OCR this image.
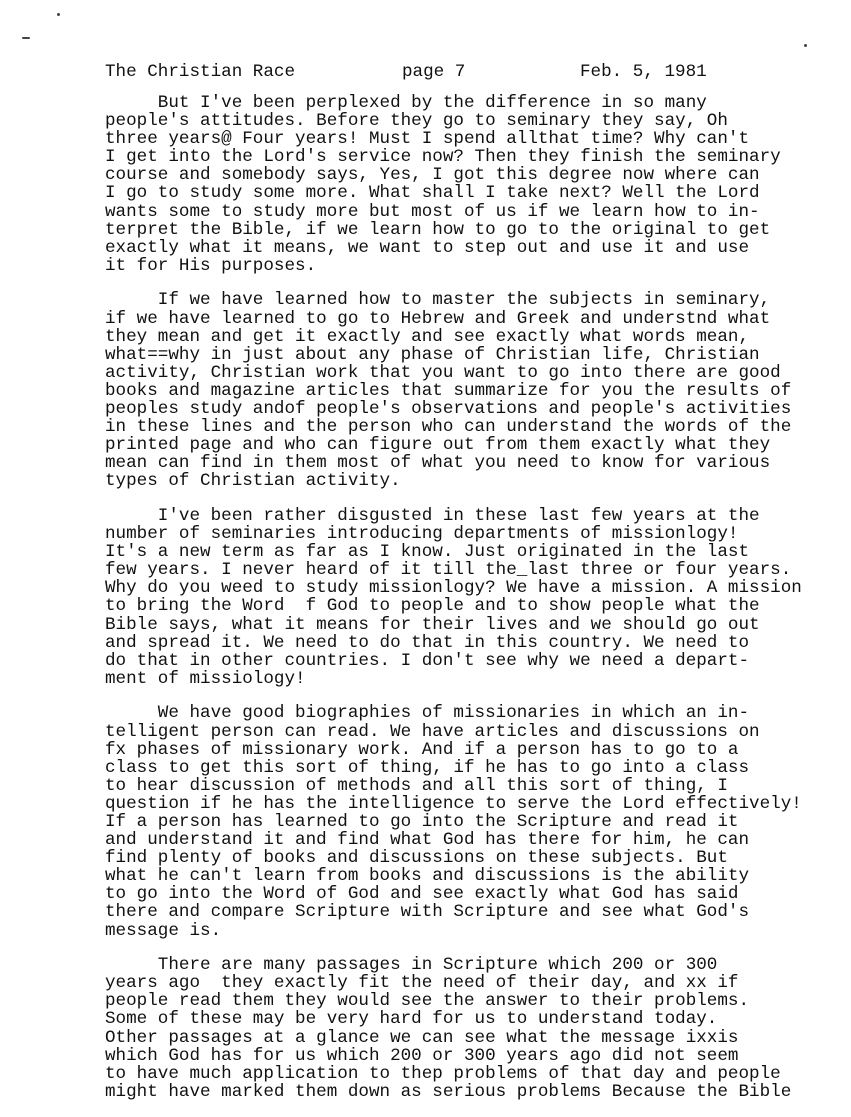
The Christian Race

	page 7

	Feb. 5, 1981

But I've been perplexed by the difference in so many
people's attitudes. Before they go to seminary they say, Oh
three years@ Four years! Must I spend allthat time? Why can't
I get into the Lord's service now? Then they finish the seminary
course and somebody says, Yes, I got this degree now where can
I go to study some more. What shall I take next? Well the Lord
wants some to study more but most of us if we learn how to in-
terpret the Bible, if we learn how to go to the original to get
exactly what it means, we want to step out and use it and use
it for His purposes.
If we have learned how to master the subjects in seminary,
if we have learned to go to Hebrew and Greek and understnd what
they mean and get it exactly and see exactly what words mean,
what==why in just about any phase of Christian life, Christian
activity, Christian work that you want to go into there are good
books and magazine articles that summarize for you the results of
peoples study andof people's observations and people's activities
in these lines and the person who can understand the words of the
printed page and who can figure out from them exactly what they
mean can find in them most of what you need to know for various
types of Christian activity.
I've been rather disgusted in these last few years at the
number of seminaries introducing departments of missionlogy!
It's a new term as far as I know. Just originated in the last
few years. I never heard of it till the_last three or four years.
Why do you weed to study missionlogy? We have a mission. A mission
to bring the Word  f God to people and to show people what the
Bible says, what it means for their lives and we should go out
and spread it. We need to do that in this country. We need to
do that in other countries. I don't see why we need a depart-
ment of missiology!
We have good biographies of missionaries in which an in-
telligent person can read. We have articles and discussions on
fx phases of missionary work. And if a person has to go to a
class to get this sort of thing, if he has to go into a class
to hear discussion of methods and all this sort of thing, I
question if he has the intelligence to serve the Lord effectively!
If a person has learned to go into the Scripture and read it
and understand it and find what God has there for him, he can
find plenty of books and discussions on these subjects. But
what he can't learn from books and discussions is the ability
to go into the Word of God and see exactly what God has said
there and compare Scripture with Scripture and see what God's
message is.
There are many passages in Scripture which 200 or 300
years ago  they exactly fit the need of their day, and xx if
people read them they would see the answer to their problems.
Some of these may be very hard for us to understand today.
Other passages at a glance we can see what the message ixxis
which God has for us which 200 or 300 years ago did not seem
to have much application to thep problems of that day and people
might have marked them down as serious problems Because the Bible
